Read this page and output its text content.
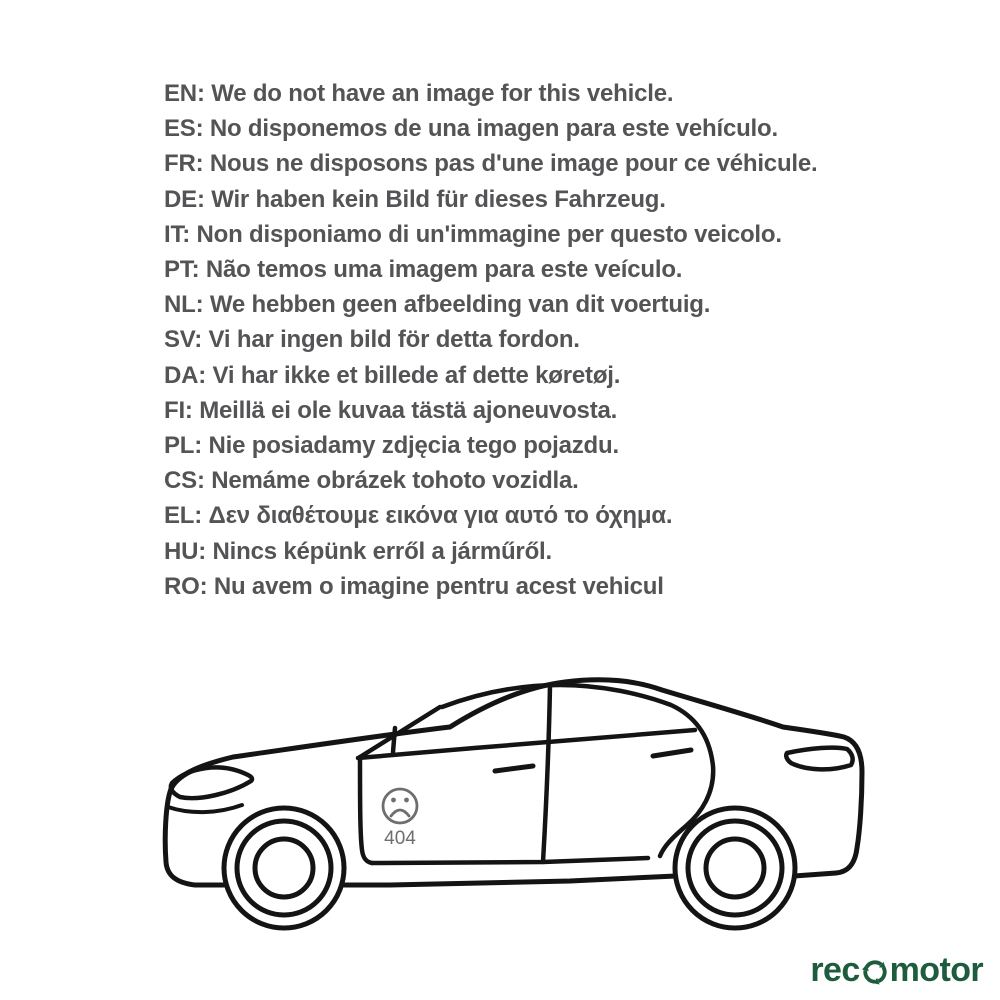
EN: We do not have an image for this vehicle.

ES: No disponemos de una imagen para este vehículo.

FR: Nous ne disposons pas d'une image pour ce véhicule.

DE: Wir haben kein Bild für dieses Fahrzeug.

IT: Non disponiamo di un'immagine per questo veicolo.

PT: Não temos uma imagem para este veículo.

NL: We hebben geen afbeelding van dit voertuig.

SV: Vi har ingen bild för detta fordon.

DA: Vi har ikke et billede af dette køretøj.

FI: Meillä ei ole kuvaa tästä ajoneuvosta.

PL: Nie posiadamy zdjęcia tego pojazdu.

CS: Nemáme obrázek tohoto vozidla.

EL: Δεν διαθέτουμε εικόνα για αυτό το όχημα.

HU: Nincs képünk erről a járműről.

RO: Nu avem o imagine pentru acest vehicul

404
rec motor
